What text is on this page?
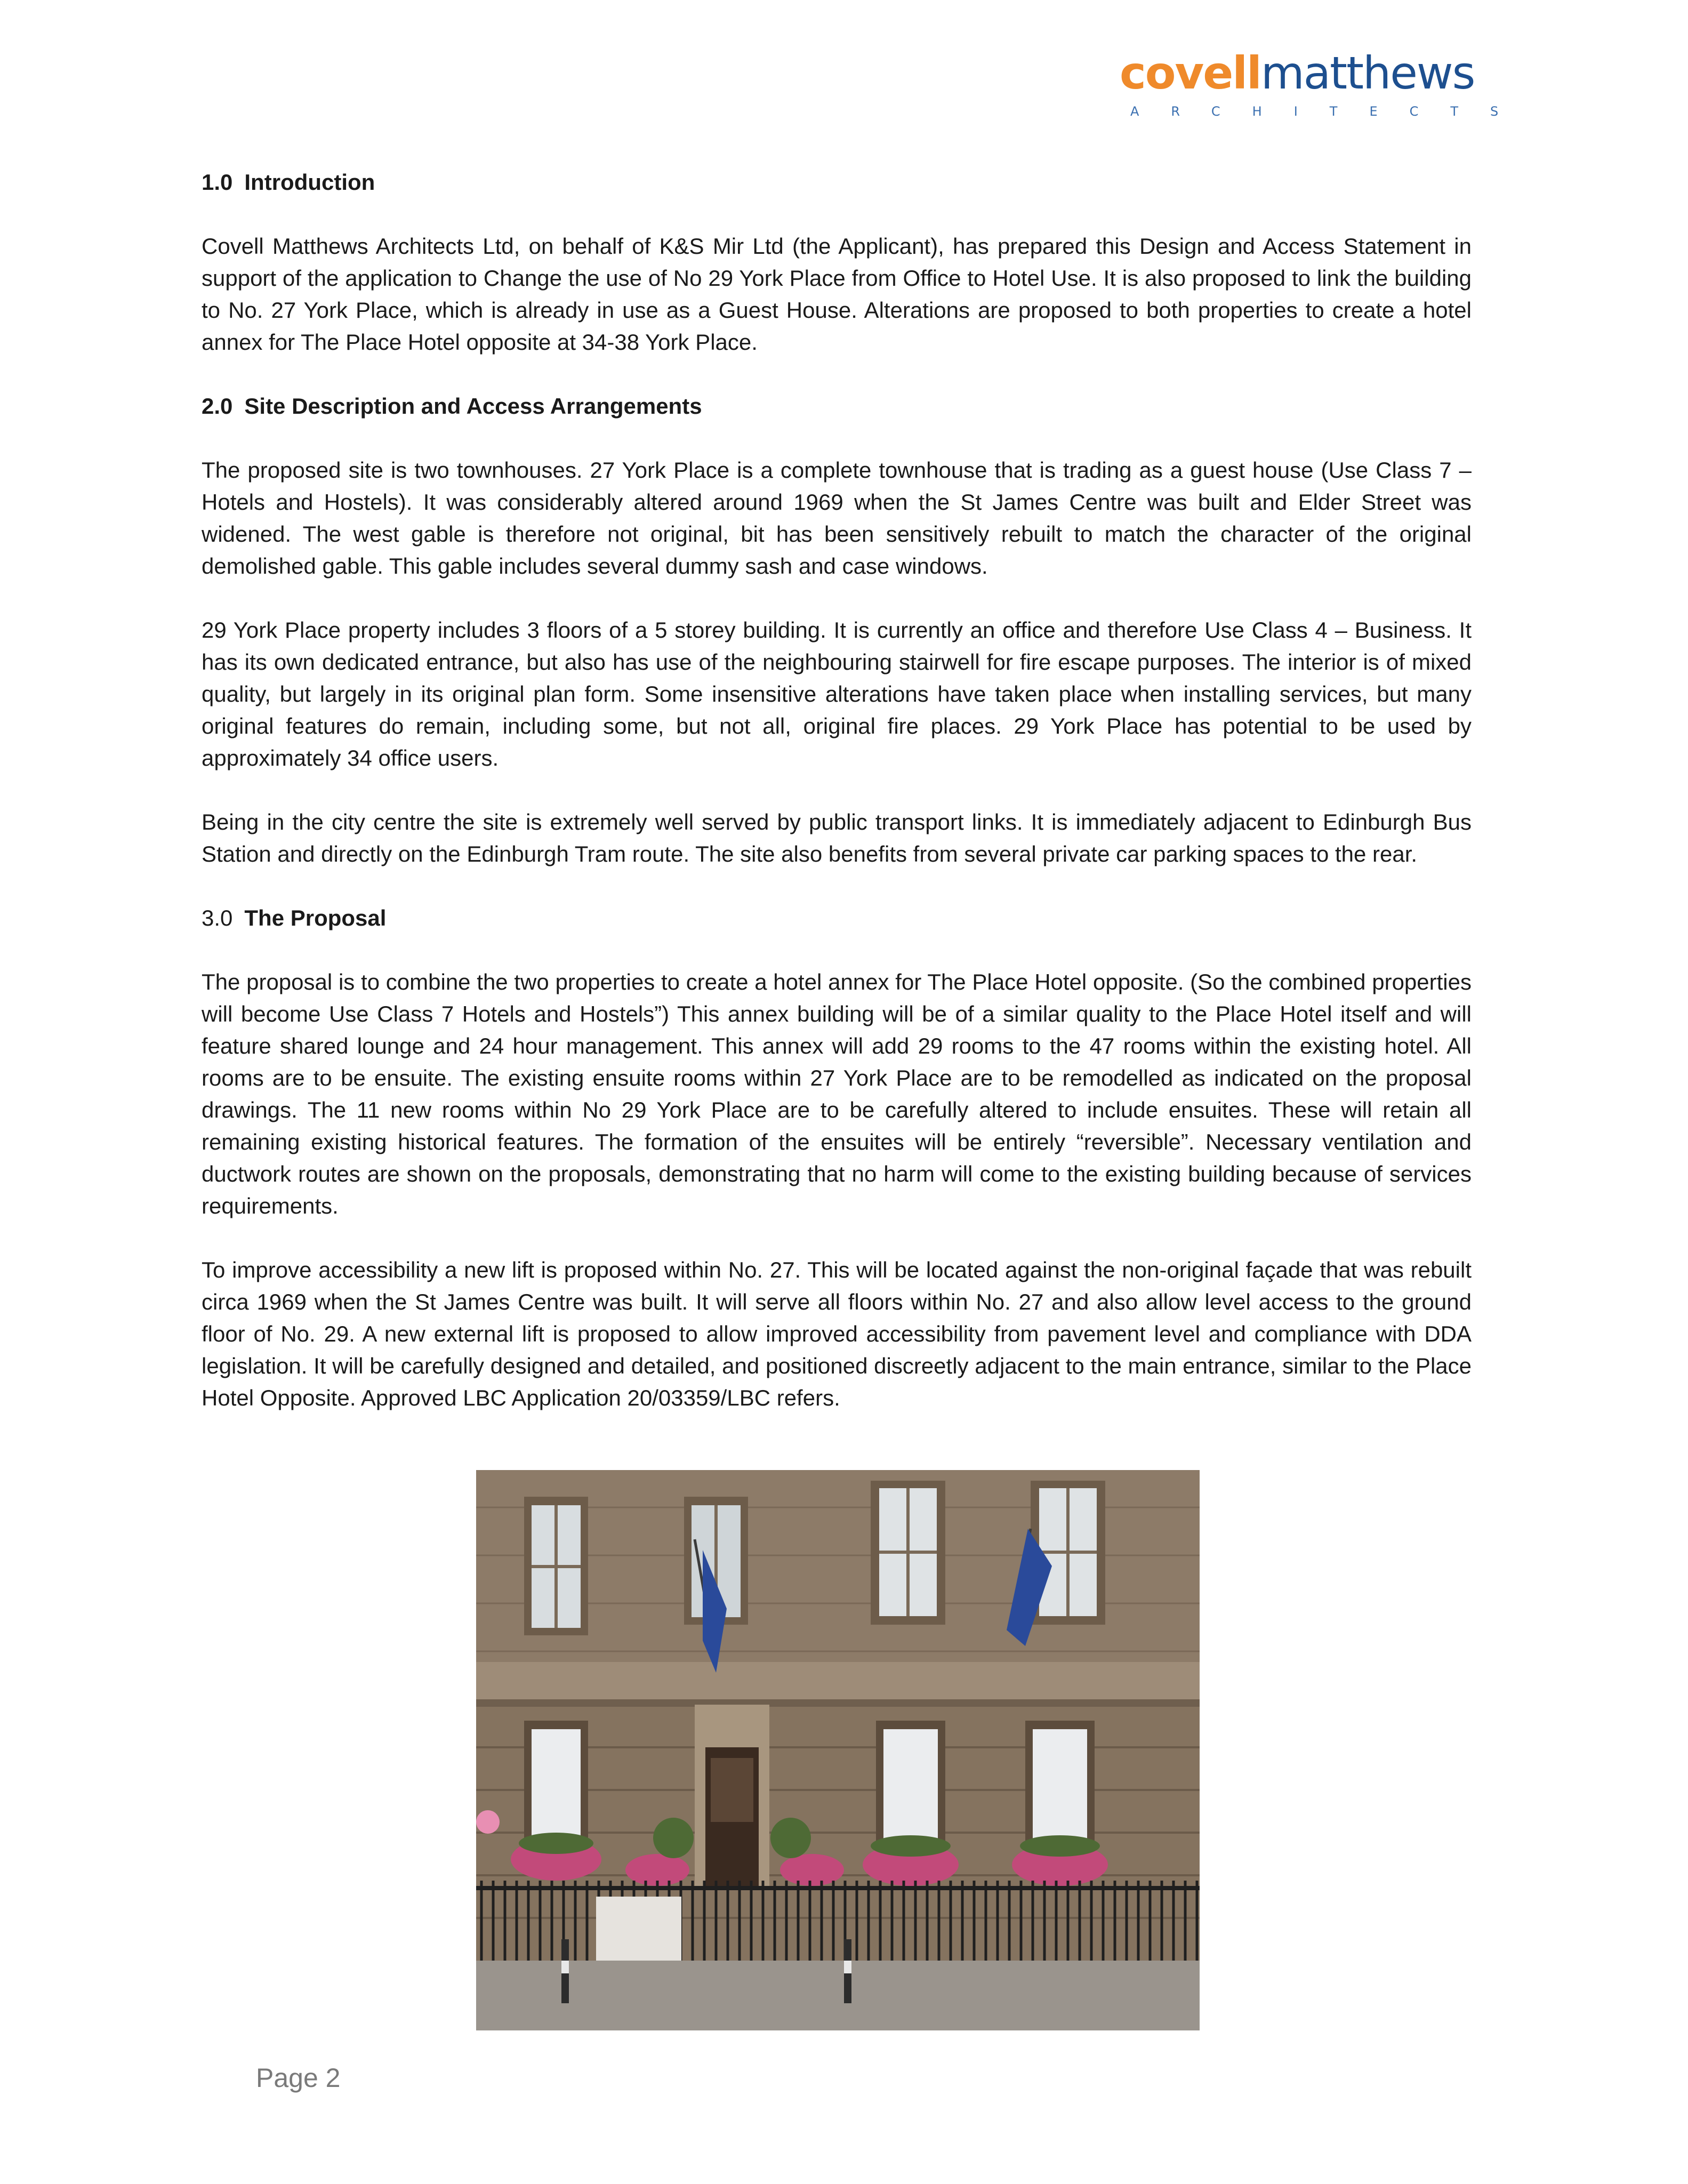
covellmatthews
ARCHITECTS
1.0 Introduction

Covell Matthews Architects Ltd, on behalf of K&S Mir Ltd (the Applicant), has prepared this Design and Access Statement in support of the application to Change the use of No 29 York Place from Office to Hotel Use. It is also proposed to link the building to No. 27 York Place, which is already in use as a Guest House. Alterations are proposed to both properties to create a hotel annex for The Place Hotel opposite at 34-38 York Place.

2.0 Site Description and Access Arrangements

The proposed site is two townhouses. 27 York Place is a complete townhouse that is trading as a guest house (Use Class 7 – Hotels and Hostels). It was considerably altered around 1969 when the St James Centre was built and Elder Street was widened. The west gable is therefore not original, bit has been sensitively rebuilt to match the character of the original demolished gable. This gable includes several dummy sash and case windows.

29 York Place property includes 3 floors of a 5 storey building. It is currently an office and therefore Use Class 4 – Business. It has its own dedicated entrance, but also has use of the neighbouring stairwell for fire escape purposes. The interior is of mixed quality, but largely in its original plan form. Some insensitive alterations have taken place when installing services, but many original features do remain, including some, but not all, original fire places. 29 York Place has potential to be used by approximately 34 office users.

Being in the city centre the site is extremely well served by public transport links. It is immediately adjacent to Edinburgh Bus Station and directly on the Edinburgh Tram route. The site also benefits from several private car parking spaces to the rear.

3.0 The Proposal

The proposal is to combine the two properties to create a hotel annex for The Place Hotel opposite. (So the combined properties will become Use Class 7 Hotels and Hostels”) This annex building will be of a similar quality to the Place Hotel itself and will feature shared lounge and 24 hour management. This annex will add 29 rooms to the 47 rooms within the existing hotel. All rooms are to be ensuite. The existing ensuite rooms within 27 York Place are to be remodelled as indicated on the proposal drawings. The 11 new rooms within No 29 York Place are to be carefully altered to include ensuites. These will retain all remaining existing historical features. The formation of the ensuites will be entirely “reversible”. Necessary ventilation and ductwork routes are shown on the proposals, demonstrating that no harm will come to the existing building because of services requirements.

To improve accessibility a new lift is proposed within No. 27. This will be located against the non-original façade that was rebuilt circa 1969 when the St James Centre was built. It will serve all floors within No. 27 and also allow level access to the ground floor of No. 29. A new external lift is proposed to allow improved accessibility from pavement level and compliance with DDA legislation. It will be carefully designed and detailed, and positioned discreetly adjacent to the main entrance, similar to the Place Hotel Opposite. Approved LBC Application 20/03359/LBC refers.

Page 2
